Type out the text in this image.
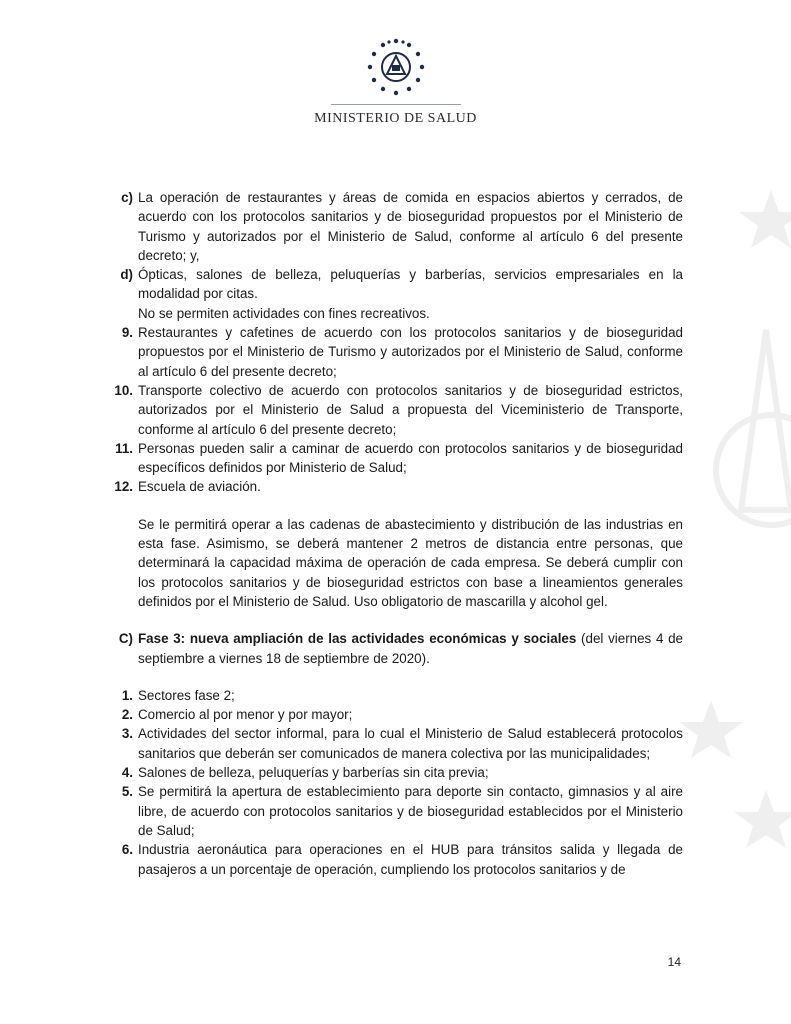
MINISTERIO DE SALUD
c) La operación de restaurantes y áreas de comida en espacios abiertos y cerrados, de acuerdo con los protocolos sanitarios y de bioseguridad propuestos por el Ministerio de Turismo y autorizados por el Ministerio de Salud, conforme al artículo 6 del presente decreto; y,
d) Ópticas, salones de belleza, peluquerías y barberías, servicios empresariales en la modalidad por citas.
No se permiten actividades con fines recreativos.
9. Restaurantes y cafetines de acuerdo con los protocolos sanitarios y de bioseguridad propuestos por el Ministerio de Turismo y autorizados por el Ministerio de Salud, conforme al artículo 6 del presente decreto;
10. Transporte colectivo de acuerdo con protocolos sanitarios y de bioseguridad estrictos, autorizados por el Ministerio de Salud a propuesta del Viceministerio de Transporte, conforme al artículo 6 del presente decreto;
11. Personas pueden salir a caminar de acuerdo con protocolos sanitarios y de bioseguridad específicos definidos por Ministerio de Salud;
12. Escuela de aviación.
Se le permitirá operar a las cadenas de abastecimiento y distribución de las industrias en esta fase. Asimismo, se deberá mantener 2 metros de distancia entre personas, que determinará la capacidad máxima de operación de cada empresa. Se deberá cumplir con los protocolos sanitarios y de bioseguridad estrictos con base a lineamientos generales definidos por el Ministerio de Salud. Uso obligatorio de mascarilla y alcohol gel.
C) Fase 3: nueva ampliación de las actividades económicas y sociales (del viernes 4 de septiembre a viernes 18 de septiembre de 2020).
1. Sectores fase 2;
2. Comercio al por menor y por mayor;
3. Actividades del sector informal, para lo cual el Ministerio de Salud establecerá protocolos sanitarios que deberán ser comunicados de manera colectiva por las municipalidades;
4. Salones de belleza, peluquerías y barberías sin cita previa;
5. Se permitirá la apertura de establecimiento para deporte sin contacto, gimnasios y al aire libre, de acuerdo con protocolos sanitarios y de bioseguridad establecidos por el Ministerio de Salud;
6. Industria aeronáutica para operaciones en el HUB para tránsitos salida y llegada de pasajeros a un porcentaje de operación, cumpliendo los protocolos sanitarios y de
14
